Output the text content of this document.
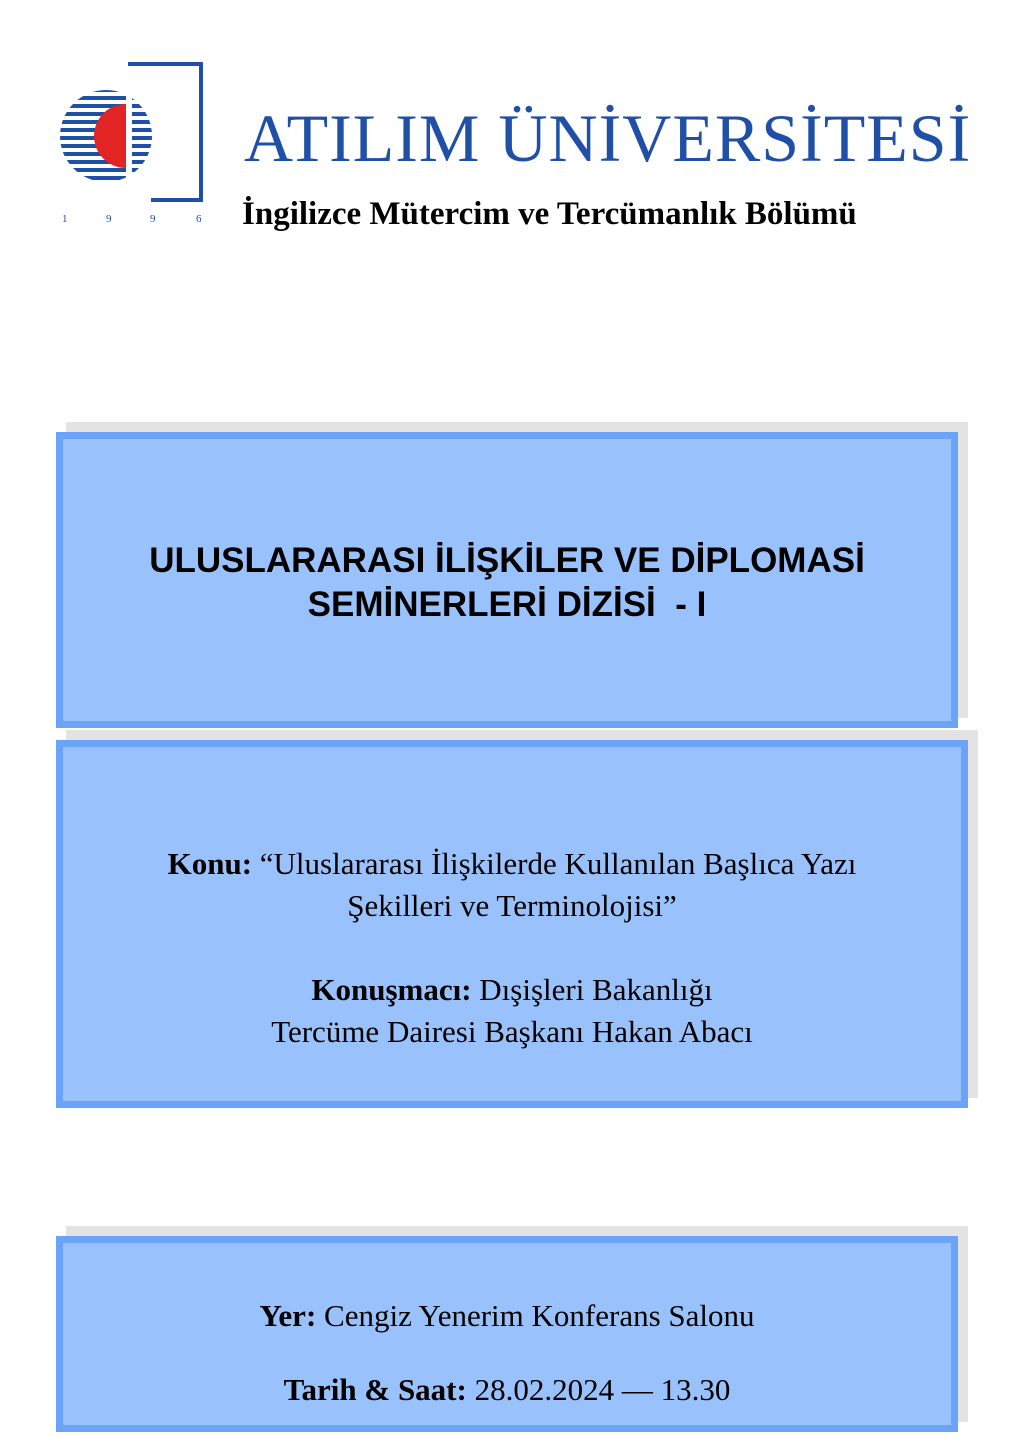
1	9	9	6
ATILIM ÜNİVERSİTESİ
İngilizce Mütercim ve Tercümanlık Bölümü
ULUSLARARASI İLİŞKİLER VE DİPLOMASİ
SEMİNERLERİ DİZİSİ  - I
Konu: “Uluslararası İlişkilerde Kullanılan Başlıca Yazı
Şekilleri ve Terminolojisi”
Konuşmacı: Dışişleri Bakanlığı
Tercüme Dairesi Başkanı Hakan Abacı
Yer: Cengiz Yenerim Konferans Salonu
Tarih & Saat: 28.02.2024 — 13.30
